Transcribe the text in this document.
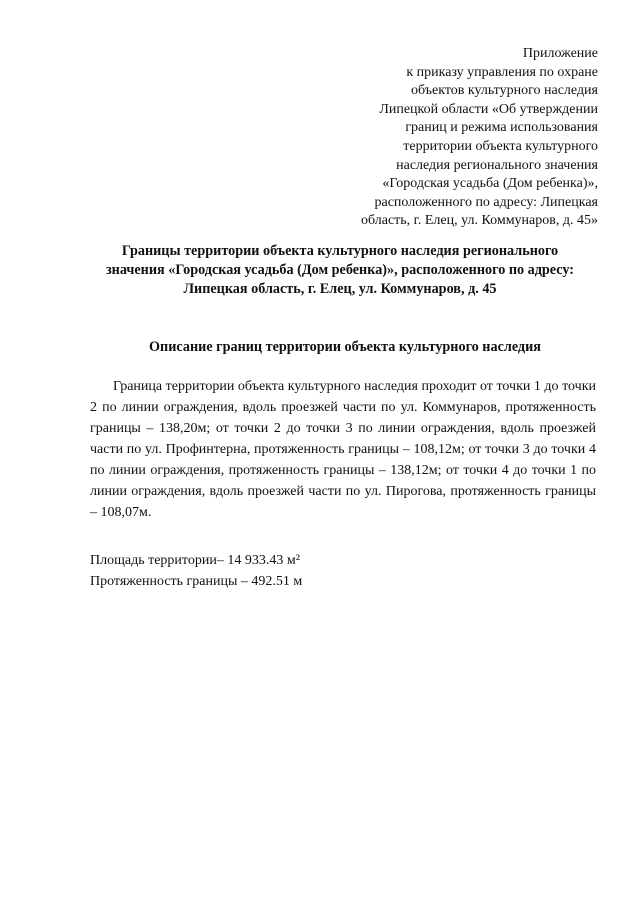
Приложение
к приказу управления по охране
объектов культурного наследия
Липецкой области «Об утверждении
границ и режима использования
территории объекта культурного
наследия регионального значения
«Городская усадьба (Дом ребенка)»,
расположенного по адресу: Липецкая
область, г. Елец, ул. Коммунаров, д. 45»
Границы территории объекта культурного наследия регионального
значения «Городская усадьба (Дом ребенка)», расположенного по адресу:
Липецкая область, г. Елец, ул. Коммунаров, д. 45
Описание границ территории объекта культурного наследия

Граница территории объекта культурного наследия проходит от точки 1 до точки 2 по линии ограждения, вдоль проезжей части по ул. Коммунаров, протяженность границы – 138,20м; от точки 2 до точки 3 по линии ограждения, вдоль проезжей части по ул. Профинтерна, протяженность границы – 108,12м; от точки 3 до точки 4 по линии ограждения, протяженность границы – 138,12м; от точки 4 до точки 1 по линии ограждения, вдоль проезжей части по ул. Пирогова, протяженность границы – 108,07м.

Площадь территории– 14 933.43 м²
Протяженность границы – 492.51 м
